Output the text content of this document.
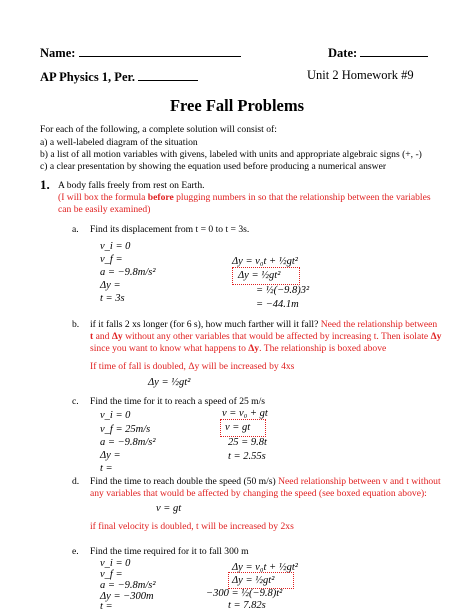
Name:	Date:
AP Physics 1, Per.	Unit 2 Homework #9
Free Fall Problems
For each of the following, a complete solution will consist of:
a) a well-labeled diagram of the situation
b) a list of all motion variables with givens, labeled with units and appropriate algebraic signs (+, -)
c) a clear presentation by showing the equation used before producing a numerical answer
1. A body falls freely from rest on Earth.
(I will box the formula before plugging numbers in so that the relationship between the variables
can be easily examined)
a. Find its displacement from t = 0 to t = 3s.
v_i = 0
v_f =
a = −9.8m/s²
Δy =
t = 3s
Δy = v₀t + ½gt²
Δy = ½gt²
= ½(−9.8)3²
= −44.1m
b. if it falls 2 xs longer (for 6 s), how much farther will it fall? Need the relationship between
t and Δy without any other variables that would be affected by increasing t. Then isolate Δy
since you want to know what happens to Δy. The relationship is boxed above
If time of fall is doubled, Δy will be increased by 4xs
Δy = ½gt²
c. Find the time for it to reach a speed of 25 m/s
v_i = 0
v_f = 25m/s
a = −9.8m/s²
Δy =
t =
v = v₀ + gt
v = gt
25 = 9.8t
t = 2.55s
d. Find the time to reach double the speed (50 m/s) Need relationship between v and t without
any variables that would be affected by changing the speed (see boxed equation above):
v = gt
if final velocity is doubled, t will be increased by 2xs
e. Find the time required for it to fall 300 m
v_i = 0
v_f =
a = −9.8m/s²
Δy = −300m
t =
Δy = v₀t + ½gt²
Δy = ½gt²
−300 = ½(−9.8)t²
t = 7.82s
